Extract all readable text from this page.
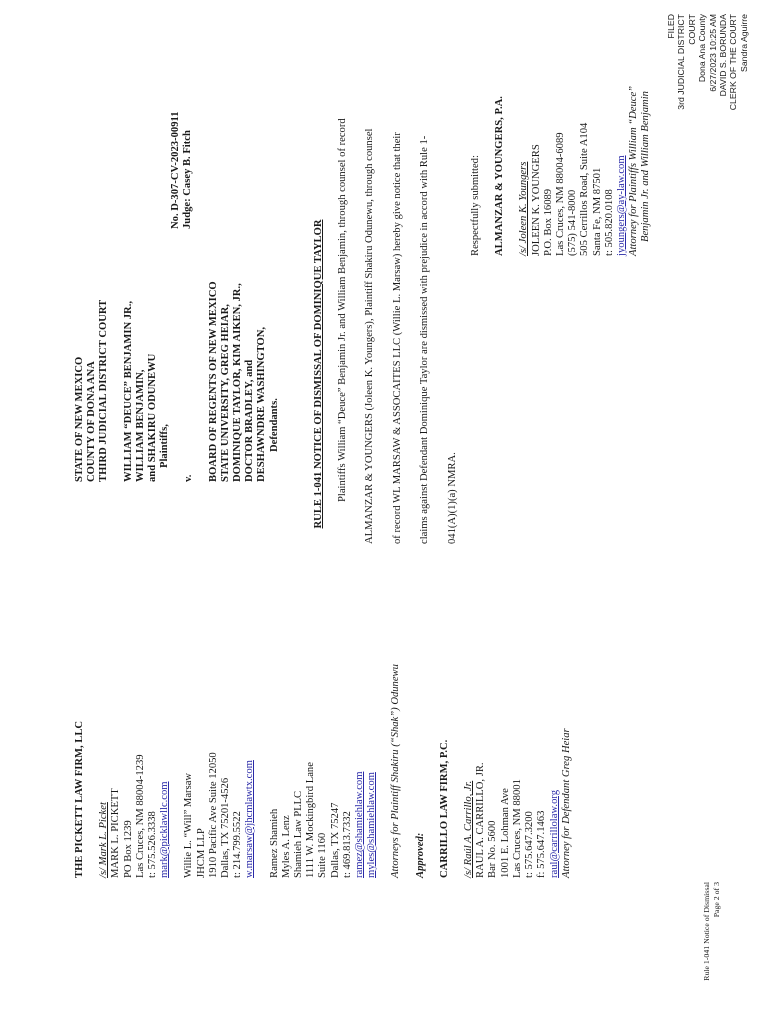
FILED 3rd JUDICIAL DISTRICT COURT Dona Ana County 6/27/2023 10:25 AM DAVID S. BORUNDA CLERK OF THE COURT Sandra Aguirre
STATE OF NEW MEXICO COUNTY OF DONA ANA THIRD JUDICIAL DISTRICT COURT WILLIAM “DEUCE” BENJAMIN JR., WILLIAM BENJAMIN, and SHAKIRU ODUNEWU Plaintiffs,
v. BOARD OF REGENTS OF NEW MEXICO STATE UNIVERSITY, GREG HEIAR, DOMINIQUE TAYLOR, KIM AIKEN, JR., DOCTOR BRADLEY, and DESHAWNDRE WASHINGTON, Defendants.
No. D-307-CV-2023-00911 Judge: Casey B. Fitch
RULE 1-041 NOTICE OF DISMISSAL OF DOMINIQUE TAYLOR Plaintiffs William “Deuce” Benjamin Jr. and William Benjamin, through counsel of record ALMANZAR & YOUNGERS (Joleen K. Youngers), Plaintiff Shakiru Odunewu, through counsel of record WL MARSAW & ASSOCAITES LLC (Willie L. Marsaw) hereby give notice that their claims against Defendant Dominique Taylor are dismissed with prejudice in accord with Rule 1- 041(A)(1)(a) NMRA.
Respectfully submitted: ALMANZAR & YOUNGERS, P.A. /s/ Joleen K. Youngers JOLEEN K. YOUNGERS P.O. Box 16089 Las Cruces, NM 88004-6089 (575) 541-8000 505 Cerrillos Road, Suite A104 Santa Fe, NM 87501 t: 505.820.0108 jyoungers@ay-law.com Attorney for Plaintiffs William “Deuce” Benjamin Jr. and William Benjamin
THE PICKETT LAW FIRM, LLC /s/ Mark L. Picket MARK L. PICKETT PO Box 1239 Las Cruces, NM 88004-1239 t: 575.526.3338 mark@picklawllc.com Willie L. “Will” Marsaw JHCM LLP 1910 Pacific Ave Suite 12050 Dallas, TX 75201-4526 t: 214.799.5522 w.marsaw@jhcmlawtx.com Ramez Shamieh Myles A. Lenz Shamieh Law PLLC 1111 W. Mockingbird Lane Suite 1160 Dallas, TX 75247 t: 469.813.7332 ramez@shamiehlaw.com myles@shamiehlaw.com Attorneys for Plaintiff Shakiru (“Shak”) Odunewu Approved: CARRILLO LAW FIRM, P.C. /s/ Raúl A. Carrillo, Jr. RAUL A. CARRILLO, JR. Bar No. 5600 1001 E. Lohman Ave Las Cruces, NM 88001 t: 575.647.3200 f: 575.647.1463 raul@carrillolaw.org Attorney for Defendant Greg Heiar
Rule 1-041 Notice of Dismissal Page 2 of 3
